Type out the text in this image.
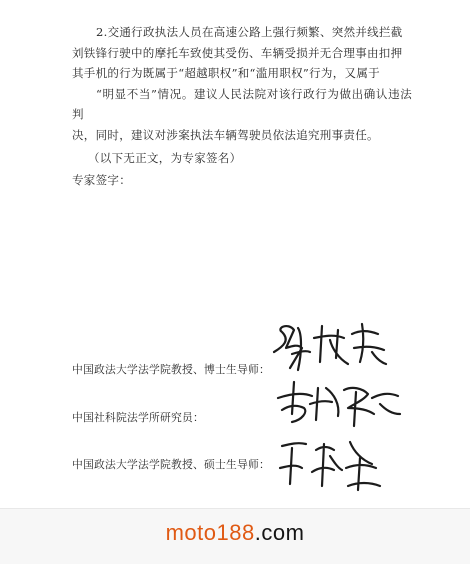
2.交通行政执法人员在高速公路上强行频繁、突然并线拦截

刘铁锋行驶中的摩托车致使其受伤、车辆受损并无合理事由扣押

其手机的行为既属于“超越职权”和“滥用职权”行为，又属于

“明显不当”情况。建议人民法院对该行政行为做出确认违法判

决，同时，建议对涉案执法车辆驾驶员依法追究刑事责任。

（以下无正文，为专家签名）
专家签字：
中国政法大学法学院教授、博士生导师：
中国社科院法学所研究员：
中国政法大学法学院教授、硕士生导师：
moto188.com
